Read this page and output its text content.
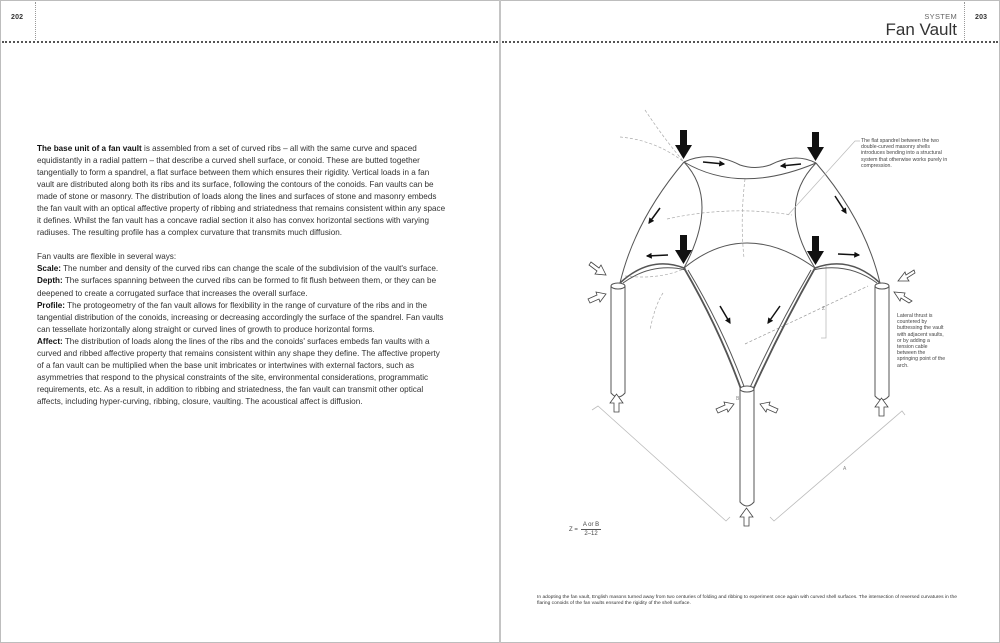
202	203
SYSTEM
Fan Vault

The base unit of a fan vault is assembled from a set of curved ribs – all with the same curve and spaced equidistantly in a radial pattern – that describe a curved shell surface, or conoid. These are butted together tangentially to form a spandrel, a flat surface between them which ensures their rigidity. Vertical loads in a fan vault are distributed along both its ribs and its surface, following the contours of the conoids. Fan vaults can be made of stone or masonry. The distribution of loads along the lines and surfaces of stone and masonry embeds the fan vault with an optical affective property of ribbing and striatedness that remains consistent within any space it defines. Whilst the fan vault has a concave radial section it also has convex horizontal sections with varying radiuses. The resulting profile has a complex curvature that transmits much diffusion.

Fan vaults are flexible in several ways:

Scale: The number and density of the curved ribs can change the scale of the subdivision of the vault's surface.

Depth: The surfaces spanning between the curved ribs can be formed to fit flush between them, or they can be deepened to create a corrugated surface that increases the overall surface.

Profile: The protogeometry of the fan vault allows for flexibility in the range of curvature of the ribs and in the tangential distribution of the conoids, increasing or decreasing accordingly the surface of the spandrel. Fan vaults can tessellate horizontally along straight or curved lines of growth to produce horizontal forms.

Affect: The distribution of loads along the lines of the ribs and the conoids' surfaces embeds fan vaults with a curved and ribbed affective property that remains consistent within any shape they define. The affective property of a fan vault can be multiplied when the base unit imbricates or intertwines with external factors, such as asymmetries that respond to the physical constraints of the site, environmental considerations, programmatic requirements, etc. As a result, in addition to ribbing and striatedness, the fan vault can transmit other optical affects, including hyper-curving, ribbing, closure, vaulting. The acoustical affect is diffusion.	B
A
Z
The flat spandrel between the two double-curved masonry shells introduces bending into a structural system that otherwise works purely in compression.
Lateral thrust is countered by buttressing the vault with adjacent vaults, or by adding a tension cable between the springing point of the arch.
$Z = \frac{\text{A or B}}{2-12}$
In adopting the fan vault, English masons turned away from two centuries of folding and ribbing to experiment once again with curved shell surfaces. The intersection of reversed curvatures in the flaring conoids of the fan vaults ensured the rigidity of the shell surface.
